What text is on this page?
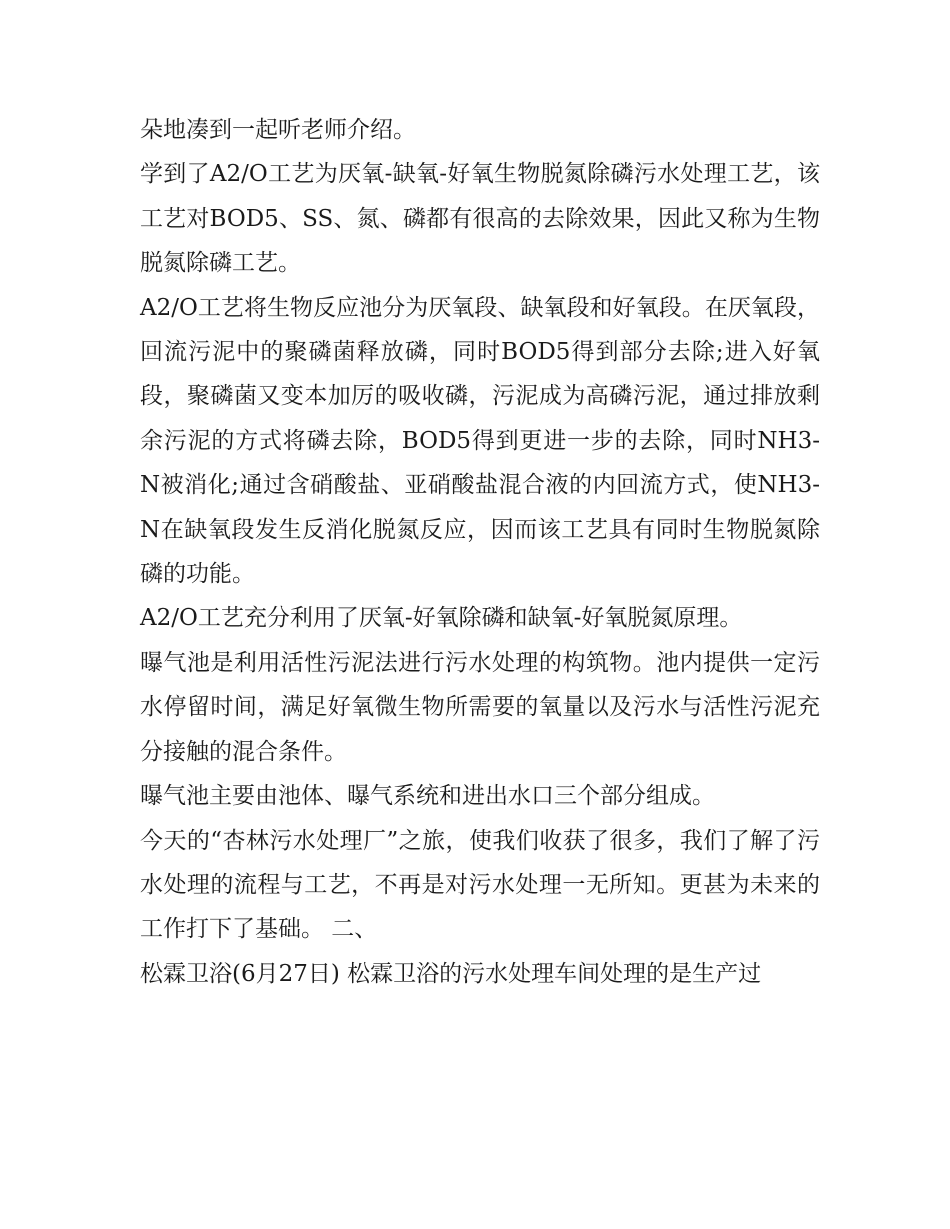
朵地凑到一起听老师介绍。

学到了A2/O工艺为厌氧-缺氧-好氧生物脱氮除磷污水处理工艺，该工艺对BOD5、SS、氮、磷都有很高的去除效果，因此又称为生物脱氮除磷工艺。

A2/O工艺将生物反应池分为厌氧段、缺氧段和好氧段。在厌氧段，回流污泥中的聚磷菌释放磷，同时BOD5得到部分去除;进入好氧段，聚磷菌又变本加厉的吸收磷，污泥成为高磷污泥，通过排放剩余污泥的方式将磷去除，BOD5得到更进一步的去除，同时NH3-N被消化;通过含硝酸盐、亚硝酸盐混合液的内回流方式，使NH3-N在缺氧段发生反消化脱氮反应，因而该工艺具有同时生物脱氮除磷的功能。

A2/O工艺充分利用了厌氧-好氧除磷和缺氧-好氧脱氮原理。

曝气池是利用活性污泥法进行污水处理的构筑物。池内提供一定污水停留时间，满足好氧微生物所需要的氧量以及污水与活性污泥充分接触的混合条件。

曝气池主要由池体、曝气系统和进出水口三个部分组成。

今天的“杏林污水处理厂”之旅，使我们收获了很多，我们了解了污水处理的流程与工艺，不再是对污水处理一无所知。更甚为未来的工作打下了基础。 二、

松霖卫浴(6月27日) 松霖卫浴的污水处理车间处理的是生产过
